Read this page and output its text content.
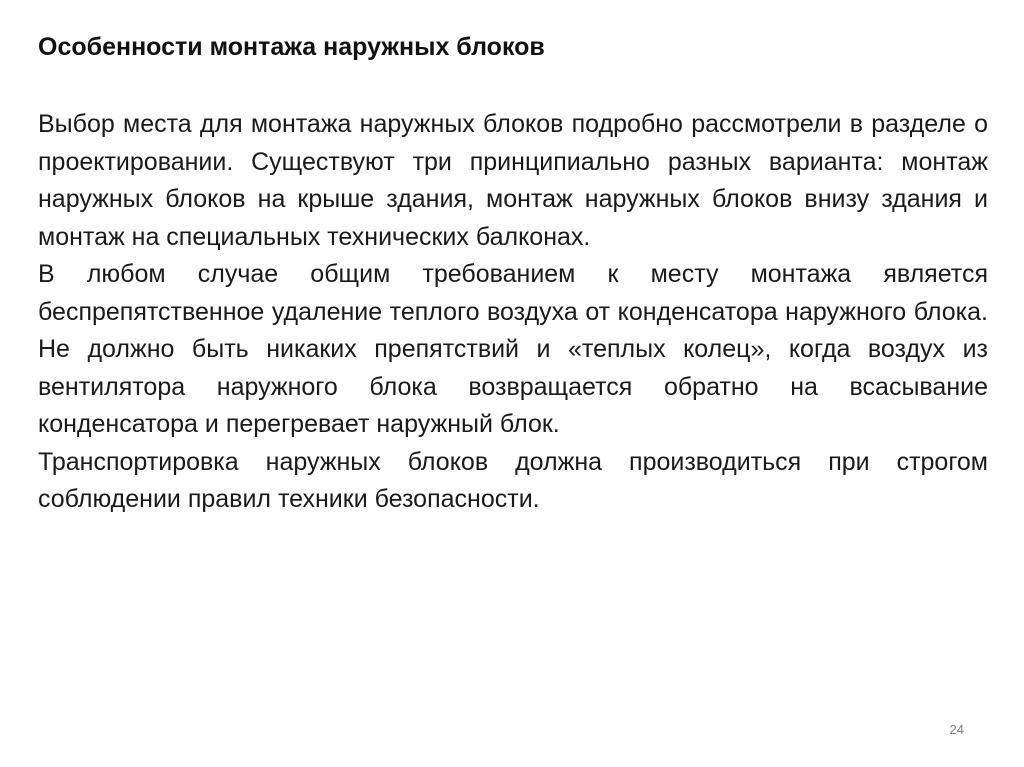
Особенности монтажа наружных блоков

Выбор места для монтажа наружных блоков подробно рассмотрели в разделе о проектировании. Существуют три принципиально разных варианта: монтаж наружных блоков на крыше здания, монтаж наружных блоков внизу здания и монтаж на специальных технических балконах.

В любом случае общим требованием к месту монтажа является беспрепятственное удаление теплого воздуха от конденсатора наружного блока. Не должно быть никаких препятствий и «теплых колец», когда воздух из вентилятора наружного блока возвращается обратно на всасывание конденсатора и перегревает наружный блок.

Транспортировка наружных блоков должна производиться при строгом соблюдении правил техники безопасности.

24
